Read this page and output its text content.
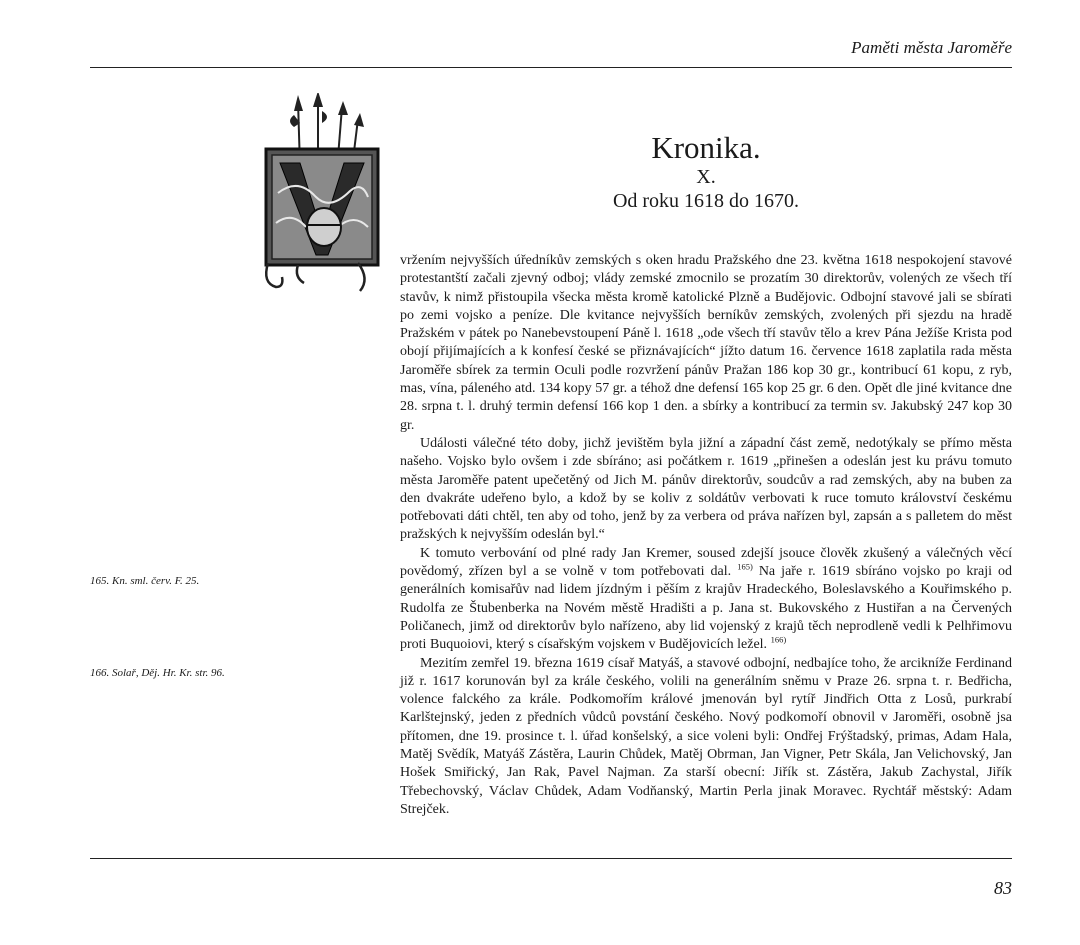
Paměti města Jaroměře
Kronika.
X.
Od roku 1618 do 1670.

vržením nejvyšších úředníkův zemských s oken hradu Pražského dne 23. května 1618 nespokojení stavové protestantští začali zjevný odboj; vlády zemské zmocnilo se prozatím 30 direktorův, volených ze všech tří stavův, k nimž přistoupila všecka města kromě katolické Plzně a Budějovic. Odbojní stavové jali se sbírati po zemi vojsko a peníze. Dle kvitance nejvyšších berníkův zemských, zvolených při sjezdu na hradě Pražském v pátek po Nanebevstoupení Páně l. 1618 „ode všech tří stavův tělo a krev Pána Ježíše Krista pod obojí přijímajících a k konfesí české se přiznávajících“ jížto datum 16. července 1618 zaplatila rada města Jaroměře sbírek za termin Oculi podle rozvržení pánův Pražan 186 kop 30 gr., kontribucí 61 kopu, z ryb, mas, vína, páleného atd. 134 kopy 57 gr. a téhož dne defensí 165 kop 25 gr. 6 den. Opět dle jiné kvitance dne 28. srpna t. l. druhý termin defensí 166 kop 1 den. a sbírky a kontribucí za termin sv. Jakubský 247 kop 30 gr.

Události válečné této doby, jichž jevištěm byla jižní a západní část země, nedotýkaly se přímo města našeho. Vojsko bylo ovšem i zde sbíráno; asi počátkem r. 1619 „přinešen a odeslán jest ku právu tomuto města Jaroměře patent upečetěný od Jich M. pánův direktorův, soudcův a rad zemských, aby na buben za den dvakráte udeřeno bylo, a kdož by se koliv z soldátův verbovati k ruce tomuto království českému potřebovati dáti chtěl, ten aby od toho, jenž by za verbera od práva nařízen byl, zapsán a s palletem do měst pražských k nejvyšším odeslán byl.“

K tomuto verbování od plné rady Jan Kremer, soused zdejší jsouce člověk zkušený a válečných věcí povědomý, zřízen byl a se volně v tom potřebovati dal. $^{165)}$ Na jaře r. 1619 sbíráno vojsko po kraji od generálních komisařův nad lidem jízdným i pěším z krajův Hradeckého, Boleslavského a Kouřimského p. Rudolfa ze Štubenberka na Novém městě Hradišti a p. Jana st. Bukovského z Hustiřan a na Červených Poličanech, jimž od direktorův bylo nařízeno, aby lid vojenský z krajů těch neprodleně vedli k Pelhřimovu proti Buquoiovi, který s císařským vojskem v Budějovicích ležel. $^{166)}$

Mezitím zemřel 19. března 1619 císař Matyáš, a stavové odbojní, nedbajíce toho, že arcikníže Ferdinand již r. 1617 korunován byl za krále českého, volili na generálním sněmu v Praze 26. srpna t. r. Bedřicha, volence falckého za krále. Podkomořím králové jmenován byl rytíř Jindřich Otta z Losů, purkrabí Karlštejnský, jeden z předních vůdců povstání českého. Nový podkomoří obnovil v Jaroměři, osobně jsa přítomen, dne 19. prosince t. l. úřad konšelský, a sice voleni byli: Ondřej Frýštadský, primas, Adam Hala, Matěj Svědík, Matyáš Zástěra, Laurin Chůdek, Matěj Obrman, Jan Vigner, Petr Skála, Jan Velichovský, Jan Hošek Smiřický, Jan Rak, Pavel Najman. Za starší obecní: Jiřík st. Zástěra, Jakub Zachystal, Jiřík Třebechovský, Václav Chůdek, Adam Vodňanský, Martin Perla jinak Moravec. Rychtář městský: Adam Strejček.

165. Kn. sml. červ. F. 25.
166. Solař, Děj. Hr. Kr. str. 96.
83
